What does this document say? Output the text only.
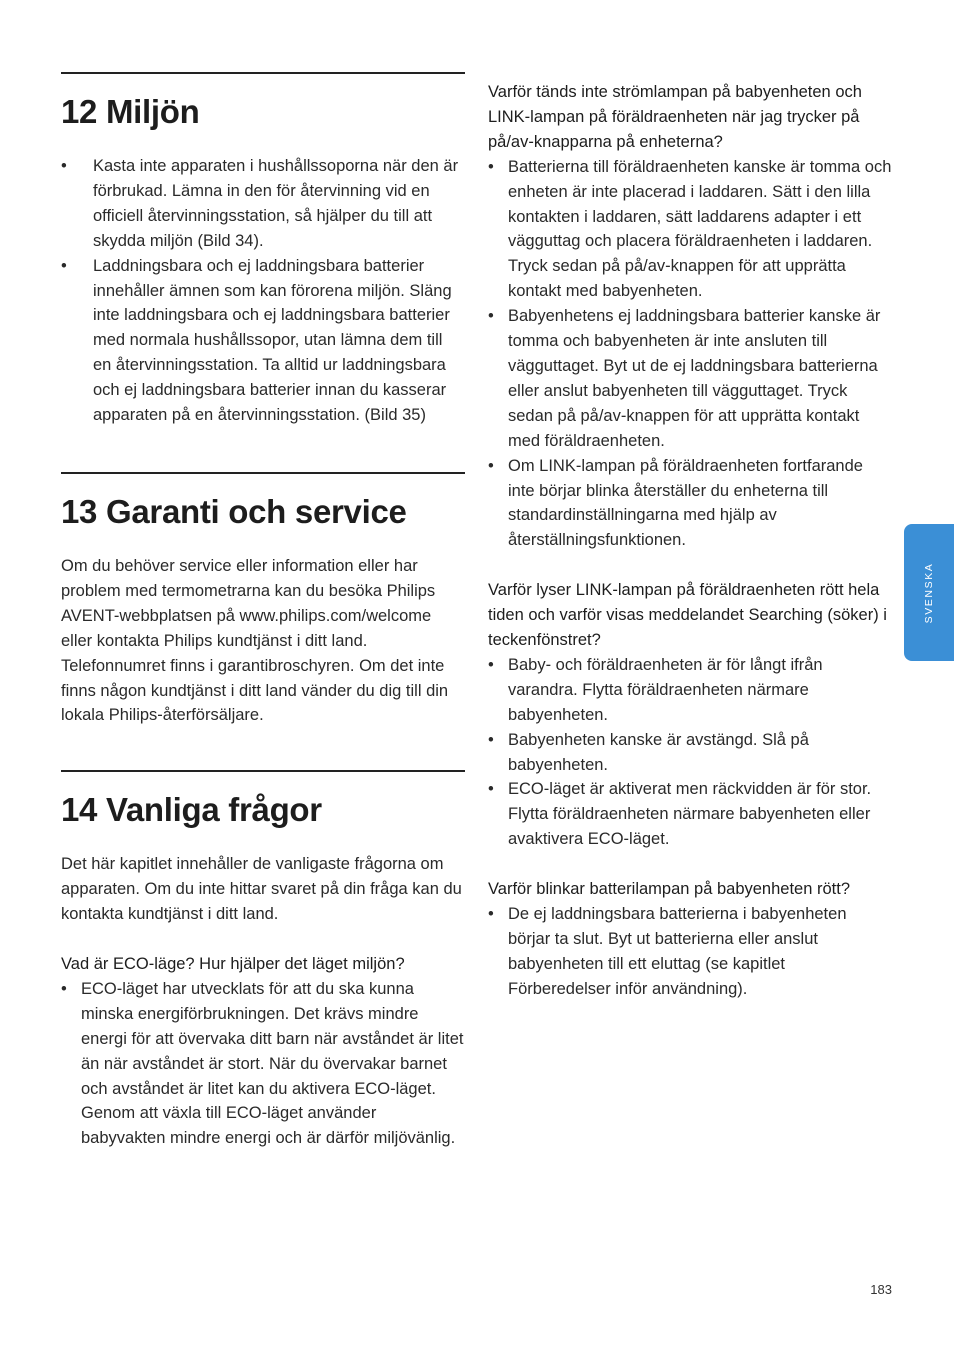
12 Miljön
• Kasta inte apparaten i hushållssoporna när den är förbrukad. Lämna in den för återvinning vid en officiell återvinningsstation, så hjälper du till att skydda miljön (Bild 34).
• Laddningsbara och ej laddningsbara batterier innehåller ämnen som kan förorena miljön. Släng inte laddningsbara och ej laddningsbara batterier med normala hushållssopor, utan lämna dem till en återvinningsstation. Ta alltid ur laddningsbara och ej laddningsbara batterier innan du kasserar apparaten på en återvinningsstation. (Bild 35)
13 Garanti och service

Om du behöver service eller information eller har problem med termometrarna kan du besöka Philips AVENT-webbplatsen på www.philips.com/welcome eller kontakta Philips kundtjänst i ditt land. Telefonnumret finns i garantibroschyren. Om det inte finns någon kundtjänst i ditt land vänder du dig till din lokala Philips-återförsäljare.

14 Vanliga frågor

Det här kapitlet innehåller de vanligaste frågorna om apparaten. Om du inte hittar svaret på din fråga kan du kontakta kundtjänst i ditt land.

Vad är ECO-läge? Hur hjälper det läget miljön?
• ECO-läget har utvecklats för att du ska kunna minska energiförbrukningen. Det krävs mindre energi för att övervaka ditt barn när avståndet är litet än när avståndet är stort. När du övervakar barnet och avståndet är litet kan du aktivera ECO-läget. Genom att växla till ECO-läget använder babyvakten mindre energi och är därför miljövänlig.
Varför tänds inte strömlampan på babyenheten och LINK-lampan på föräldraenheten när jag trycker på på/av-knapparna på enheterna?
• Batterierna till föräldraenheten kanske är tomma och enheten är inte placerad i laddaren. Sätt i den lilla kontakten i laddaren, sätt laddarens adapter i ett vägguttag och placera föräldraenheten i laddaren. Tryck sedan på på/av-knappen för att upprätta kontakt med babyenheten.
• Babyenhetens ej laddningsbara batterier kanske är tomma och babyenheten är inte ansluten till vägguttaget. Byt ut de ej laddningsbara batterierna eller anslut babyenheten till vägguttaget. Tryck sedan på på/av-knappen för att upprätta kontakt med föräldraenheten.
• Om LINK-lampan på föräldraenheten fortfarande inte börjar blinka återställer du enheterna till standardinställningarna med hjälp av återställningsfunktionen.
Varför lyser LINK-lampan på föräldraenheten rött hela tiden och varför visas meddelandet Searching (söker) i teckenfönstret?
• Baby- och föräldraenheten är för långt ifrån varandra. Flytta föräldraenheten närmare babyenheten.
• Babyenheten kanske är avstängd. Slå på babyenheten.
• ECO-läget är aktiverat men räckvidden är för stor. Flytta föräldraenheten närmare babyenheten eller avaktivera ECO-läget.
Varför blinkar batterilampan på babyenheten rött?
• De ej laddningsbara batterierna i babyenheten börjar ta slut. Byt ut batterierna eller anslut babyenheten till ett eluttag (se kapitlet Förberedelser inför användning).
SVENSKA
183
